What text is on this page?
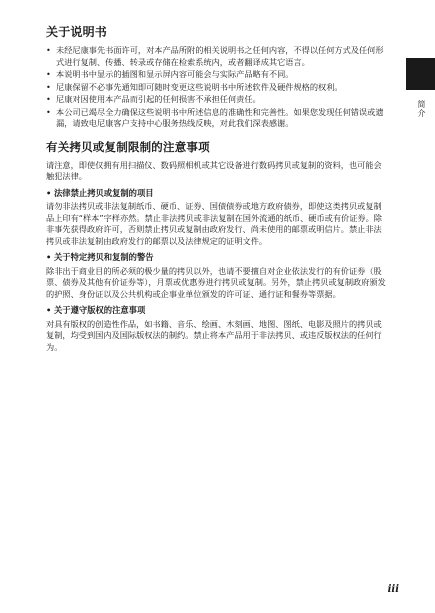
简介
关于说明书
• 未经尼康事先书面许可，对本产品所附的相关说明书之任何内容，不得以任何方式及任何形式进行复制、传播、转录或存储在检索系统内，或者翻译成其它语言。
• 本说明书中显示的插图和显示屏内容可能会与实际产品略有不同。
• 尼康保留不必事先通知即可随时变更这些说明书中所述软件及硬件规格的权利。
• 尼康对因使用本产品而引起的任何损害不承担任何责任。
• 本公司已竭尽全力确保这些说明书中所述信息的准确性和完善性。如果您发现任何错误或遗漏，请致电尼康客户支持中心服务热线反映，对此我们深表感谢。
有关拷贝或复制限制的注意事项

请注意，即使仅拥有用扫描仪、数码照相机或其它设备进行数码拷贝或复制的资料，也可能会触犯法律。

• 法律禁止拷贝或复制的项目

请勿非法拷贝或非法复制纸币、硬币、证券、国债债券或地方政府债券，即使这类拷贝或复制品上印有“样本”字样亦然。禁止非法拷贝或非法复制在国外流通的纸币、硬币或有价证券。除非事先获得政府许可，否则禁止拷贝或复制由政府发行、尚未使用的邮票或明信片。禁止非法拷贝或非法复制由政府发行的邮票以及法律规定的证明文件。

• 关于特定拷贝和复制的警告

除非出于商业目的所必须的极少量的拷贝以外，也请不要擅自对企业依法发行的有价证券（股票、债券及其他有价证券等），月票或优惠券进行拷贝或复制。另外，禁止拷贝或复制政府颁发的护照、身份证以及公共机构或企事业单位颁发的许可证、通行证和餐券等票据。

• 关于遵守版权的注意事项

对具有版权的创造性作品，如书籍、音乐、绘画、木刻画、地图、图纸、电影及照片的拷贝或复制，均受到国内及国际版权法的制约。禁止将本产品用于非法拷贝、或违反版权法的任何行为。

iii
